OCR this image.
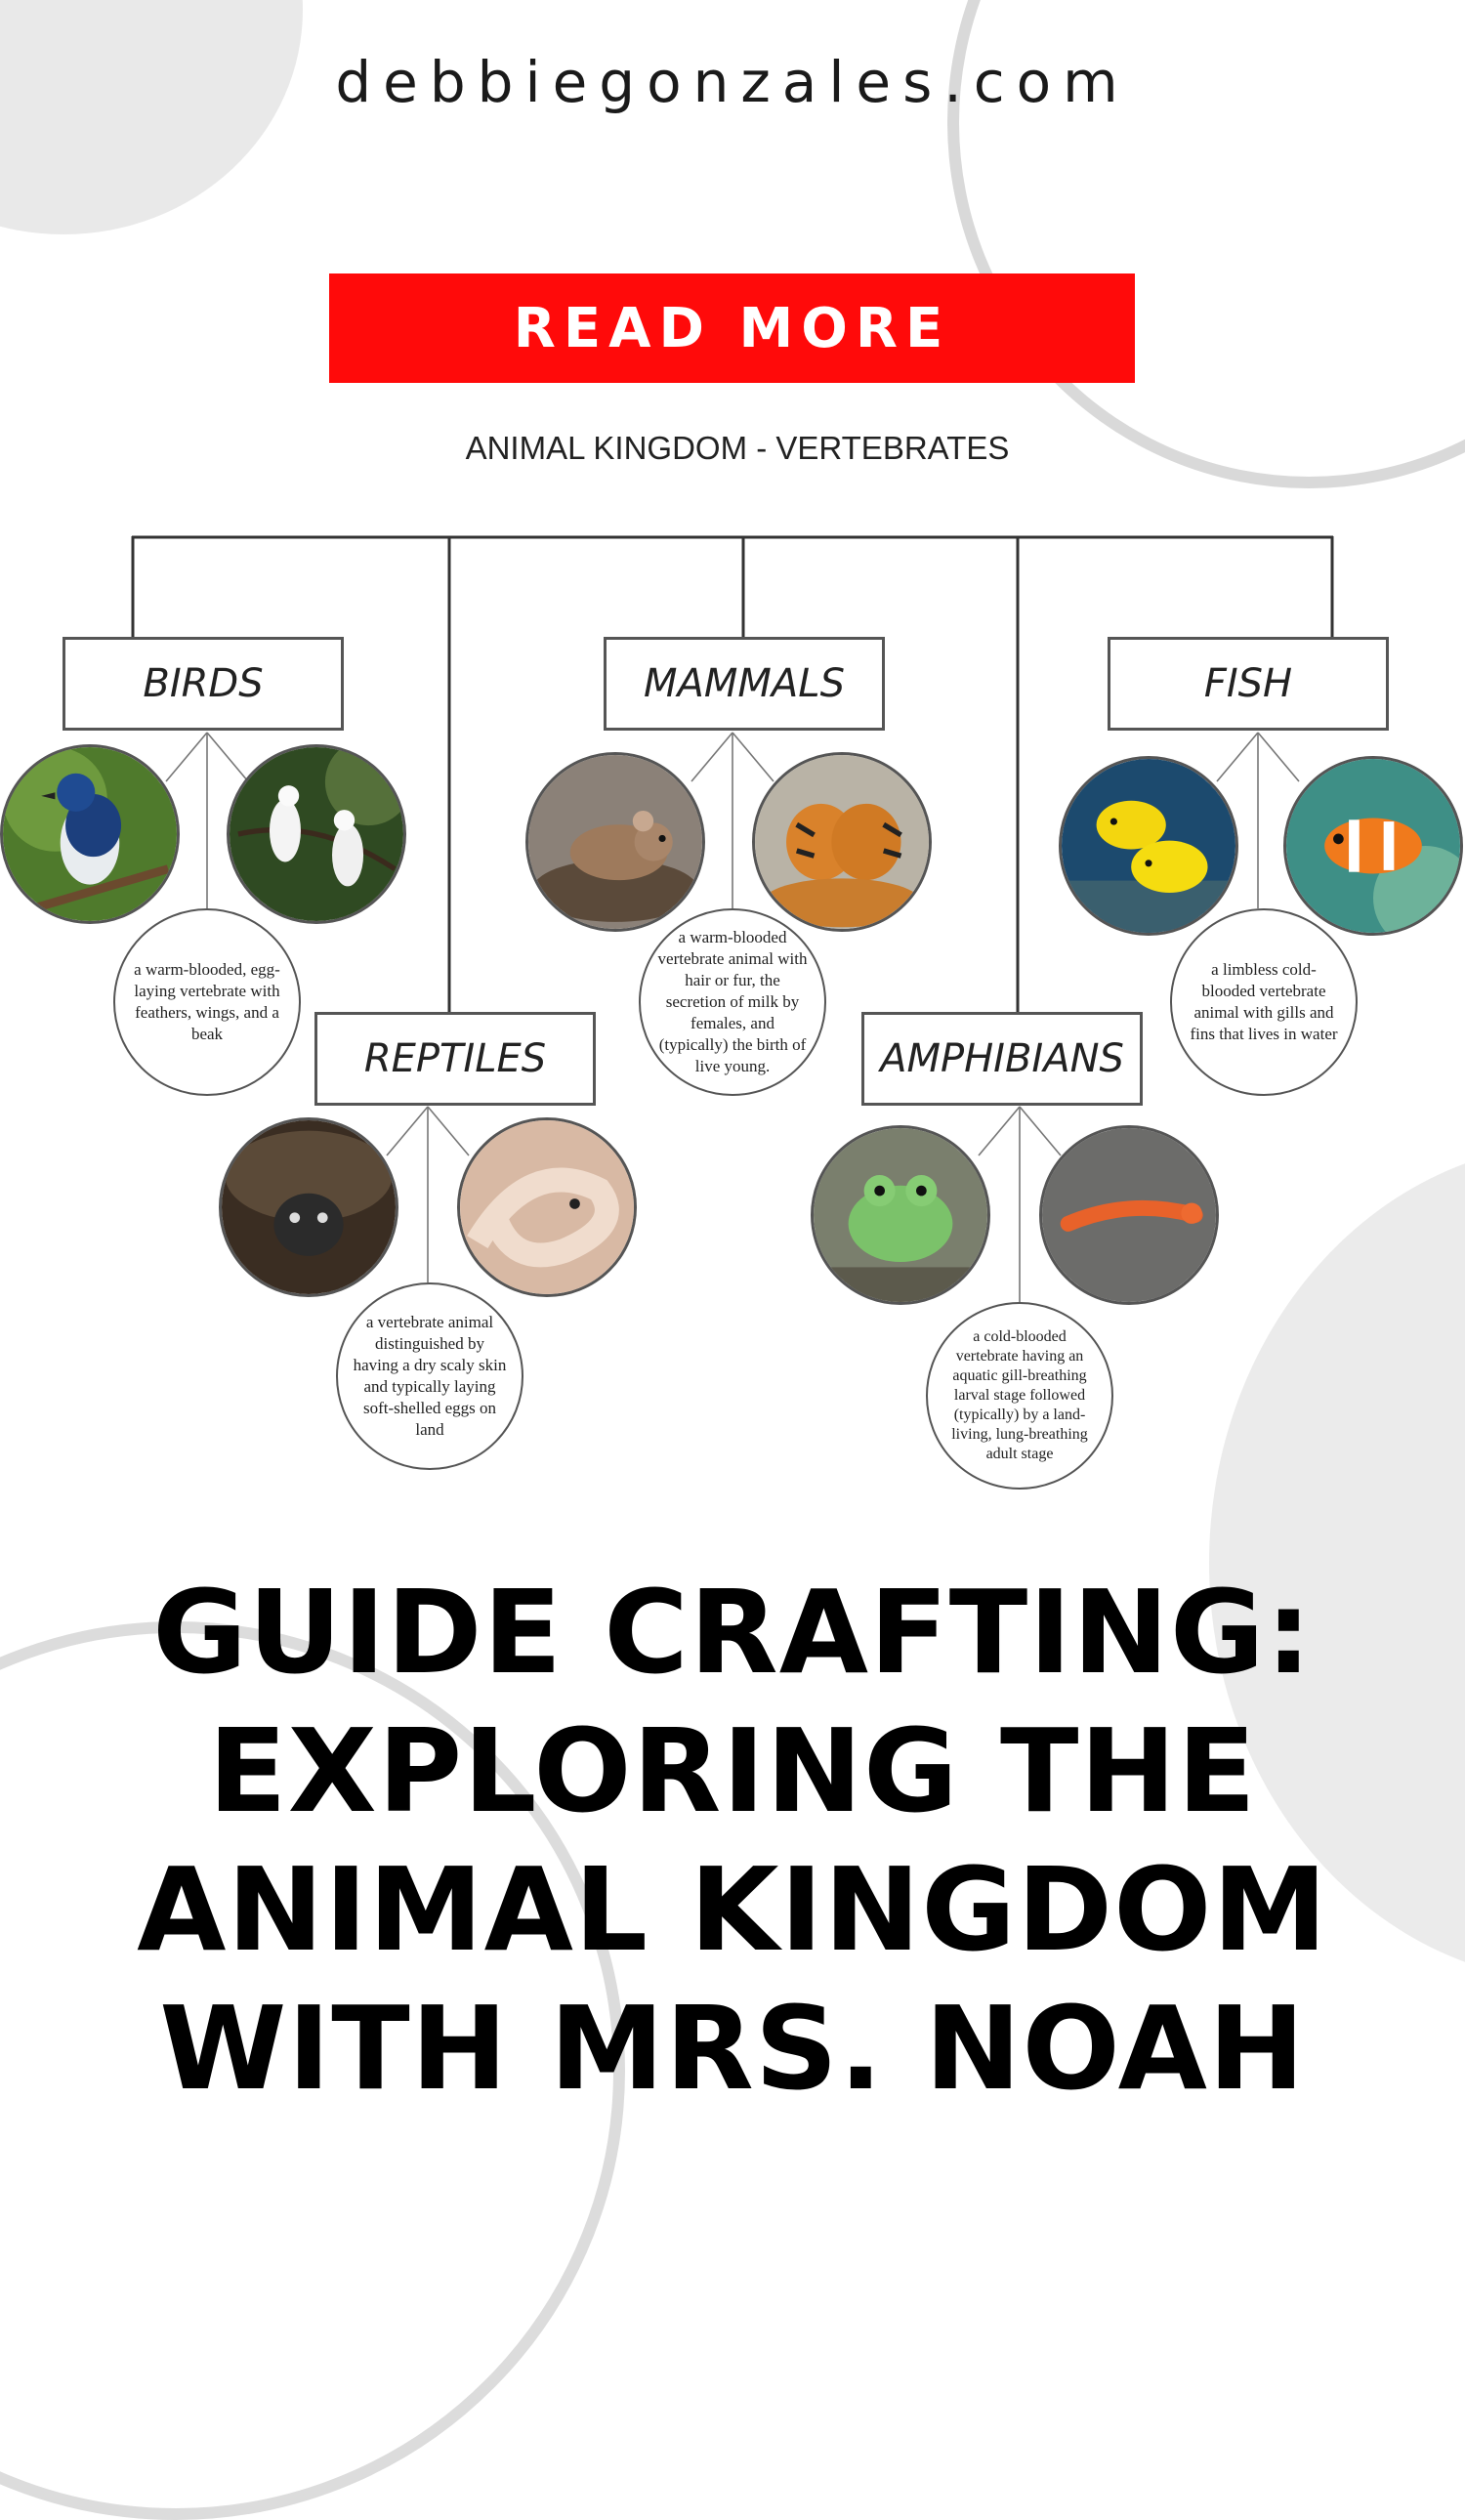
debbiegonzales.com
READ MORE
ANIMAL KINGDOM - VERTEBRATES
BIRDS	MAMMALS	FISH
REPTILES	AMPHIBIANS
a warm-blooded, egg-laying vertebrate with feathers, wings, and a beak
a warm-blooded vertebrate animal with hair or fur, the secretion of milk by females, and (typically) the birth of live young.
a limbless cold-blooded vertebrate animal with gills and fins that lives in water
a vertebrate animal distinguished by having a dry scaly skin and typically laying soft-shelled eggs on land
a cold-blooded vertebrate having an aquatic gill-breathing larval stage followed (typically) by a land-living, lung-breathing adult stage
GUIDE CRAFTING:
EXPLORING THE
ANIMAL KINGDOM
WITH MRS. NOAH
